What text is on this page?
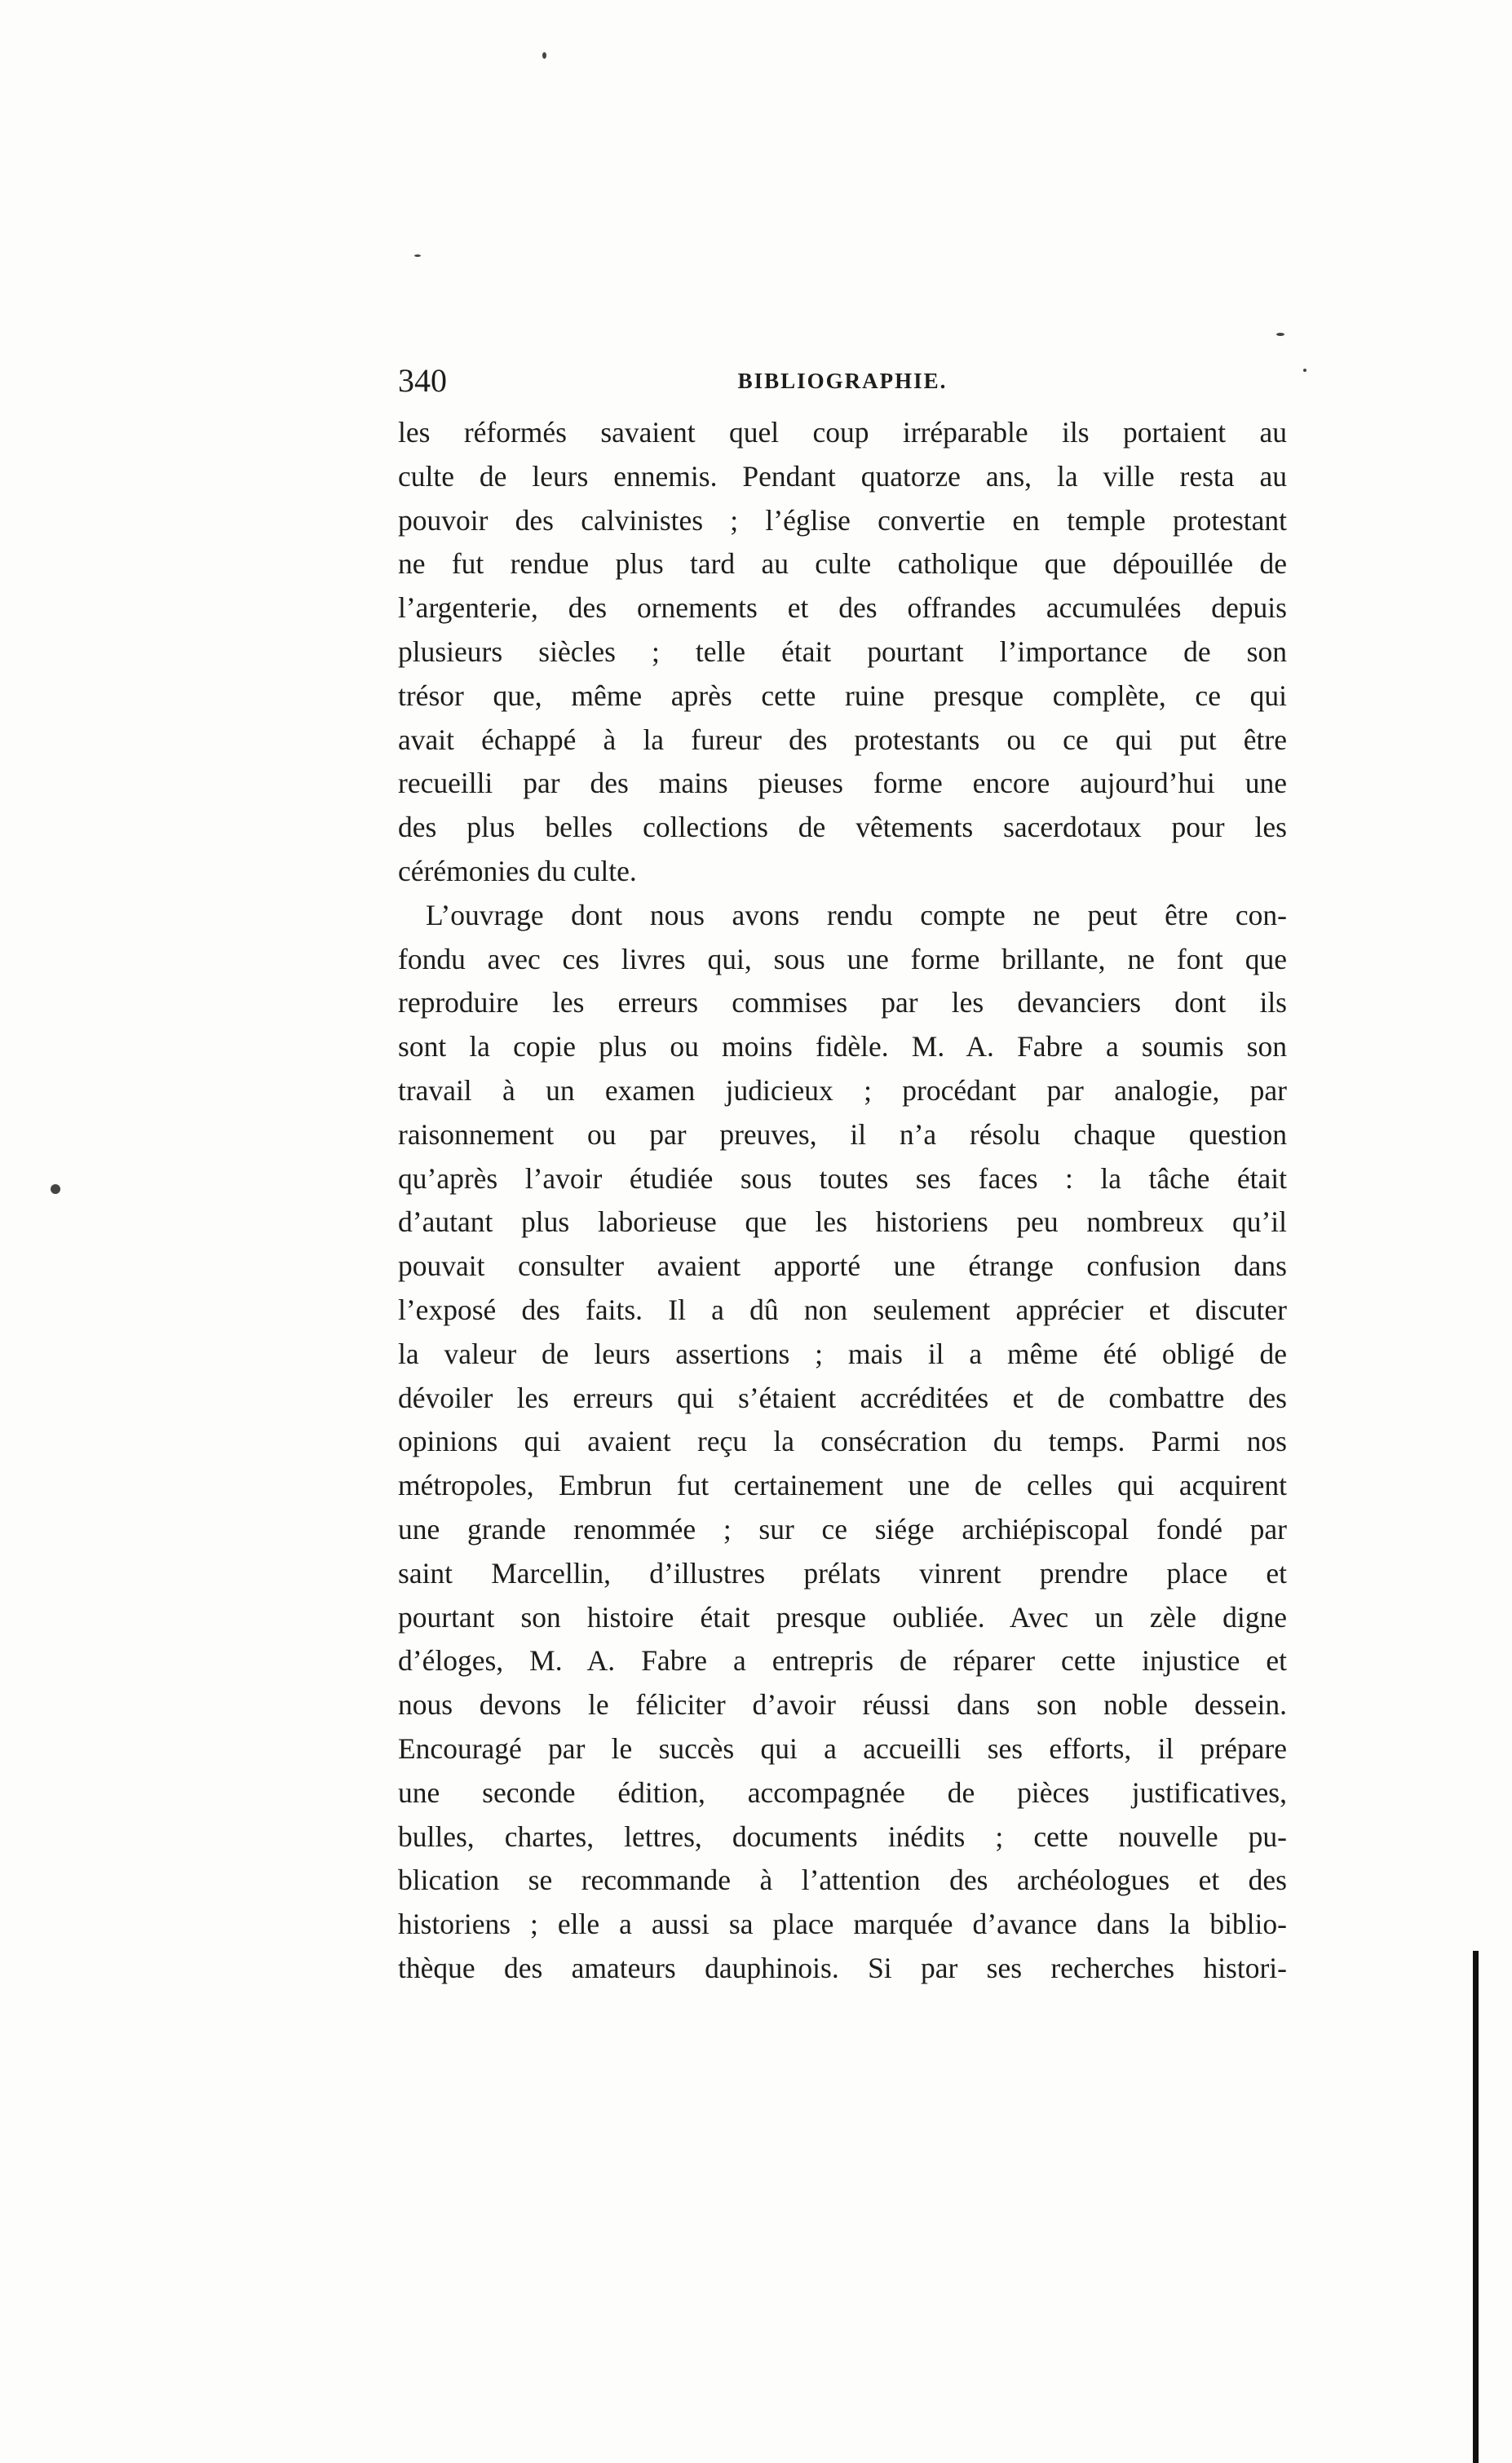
340	BIBLIOGRAPHIE.
les réformés savaient quel coup irréparable ils portaient au
culte de leurs ennemis. Pendant quatorze ans, la ville resta au
pouvoir des calvinistes ; l’église convertie en temple protestant
ne fut rendue plus tard au culte catholique que dépouillée de
l’argenterie, des ornements et des offrandes accumulées depuis
plusieurs siècles ; telle était pourtant l’importance de son
trésor que, même après cette ruine presque complète, ce qui
avait échappé à la fureur des protestants ou ce qui put être
recueilli par des mains pieuses forme encore aujourd’hui une
des plus belles collections de vêtements sacerdotaux pour les
cérémonies du culte.
L’ouvrage dont nous avons rendu compte ne peut être con-
fondu avec ces livres qui, sous une forme brillante, ne font que
reproduire les erreurs commises par les devanciers dont ils
sont la copie plus ou moins fidèle. M. A. Fabre a soumis son
travail à un examen judicieux ; procédant par analogie, par
raisonnement ou par preuves, il n’a résolu chaque question
qu’après l’avoir étudiée sous toutes ses faces : la tâche était
d’autant plus laborieuse que les historiens peu nombreux qu’il
pouvait consulter avaient apporté une étrange confusion dans
l’exposé des faits. Il a dû non seulement apprécier et discuter
la valeur de leurs assertions ; mais il a même été obligé de
dévoiler les erreurs qui s’étaient accréditées et de combattre des
opinions qui avaient reçu la consécration du temps. Parmi nos
métropoles, Embrun fut certainement une de celles qui acquirent
une grande renommée ; sur ce siége archiépiscopal fondé par
saint Marcellin, d’illustres prélats vinrent prendre place et
pourtant son histoire était presque oubliée. Avec un zèle digne
d’éloges, M. A. Fabre a entrepris de réparer cette injustice et
nous devons le féliciter d’avoir réussi dans son noble dessein.
Encouragé par le succès qui a accueilli ses efforts, il prépare
une seconde édition, accompagnée de pièces justificatives,
bulles, chartes, lettres, documents inédits ; cette nouvelle pu-
blication se recommande à l’attention des archéologues et des
historiens ; elle a aussi sa place marquée d’avance dans la biblio-
thèque des amateurs dauphinois. Si par ses recherches histori-
